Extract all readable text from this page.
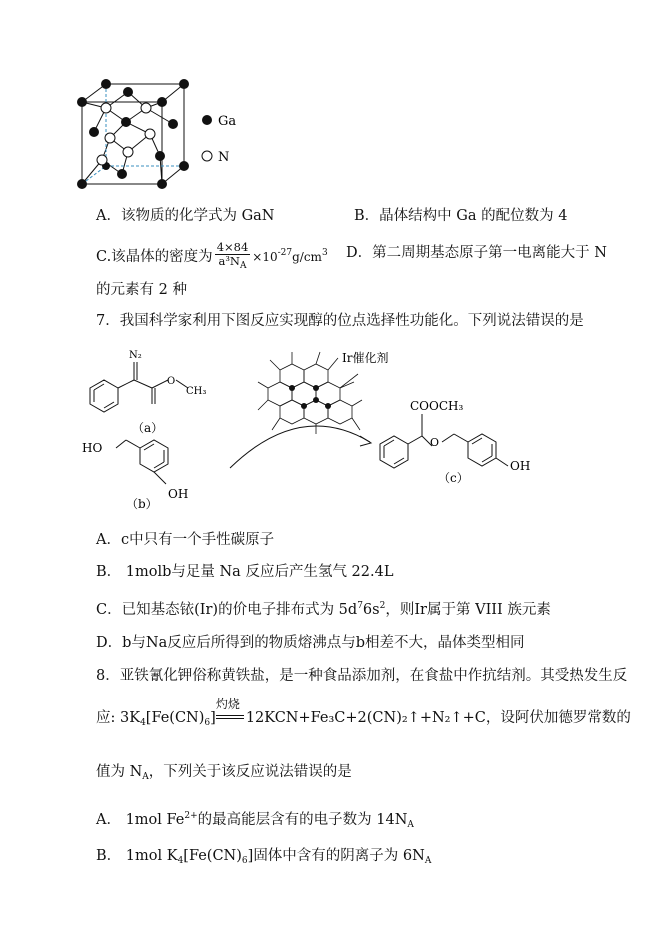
Ga
N
A．该物质的化学式为 GaN	B．晶体结构中 Ga 的配位数为 4
C.该晶体的密度为 $\frac{4\times 84}{a^3N_A} \times 10^{-27}g/cm^3$ D．第二周期基态原子第一电离能大于 N
的元素有 2 种
7．我国科学家利用下图反应实现醇的位点选择性功能化。下列说法错误的是
N₂
O
CH₃
（a）
HO
OH
（b）
Ir催化剂
COOCH₃
O
OH
（c）
A．c中只有一个手性碳原子
B． 1molb与足量 Na 反应后产生氢气 22.4L
C．已知基态铱(Ir)的价电子排布式为 $5d^76s^2$，则Ir属于第 VIII 族元素
D．b与Na反应后所得到的物质熔沸点与b相差不大，晶体类型相同
8．亚铁氰化钾俗称黄铁盐，是一种食品添加剂，在食盐中作抗结剂。其受热发生反
应: $3K_4[Fe(CN)_6]$
灼烧
12KCN+Fe₃C+2(CN)₂↑+N₂↑+C，设阿伏加德罗常数的
值为 $N_A$，下列关于该反应说法错误的是
A． 1mol $Fe^{2+}$的最高能层含有的电子数为 $14N_A$
B． 1mol $K_4[Fe(CN)_6]$固体中含有的阴离子为 $6N_A$
